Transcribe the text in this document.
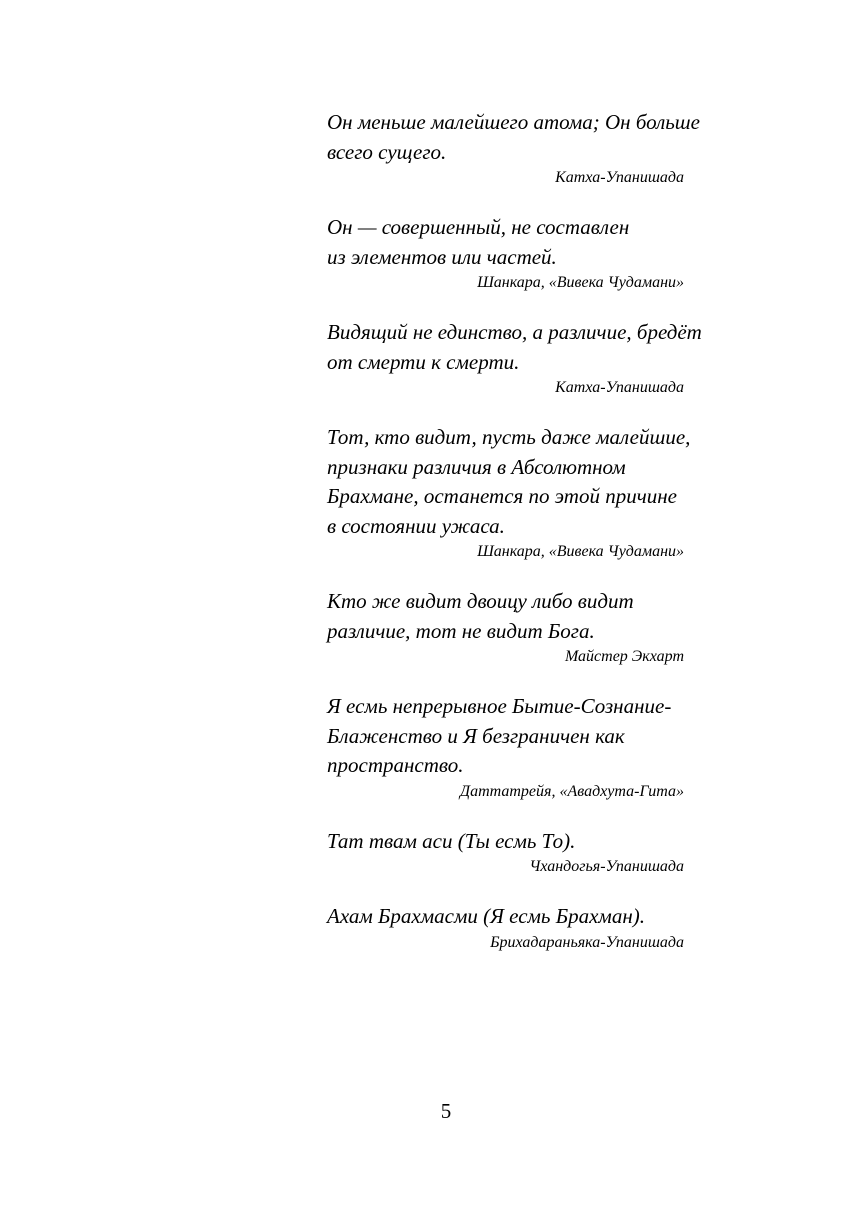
Он меньше малейшего атома; Он больше
всего сущего.
Катха-Упанишада
Он — совершенный, не составлен
из элементов или частей.
Шанкара, «Вивека Чудамани»
Видящий не единство, а различие, бредёт
от смерти к смерти.
Катха-Упанишада
Тот, кто видит, пусть даже малейшие,
признаки различия в Абсолютном
Брахмане, останется по этой причине
в состоянии ужаса.
Шанкара, «Вивека Чудамани»
Кто же видит двоицу либо видит
различие, тот не видит Бога.
Майстер Экхарт
Я есмь непрерывное Бытие-Сознание-
Блаженство и Я безграничен как
пространство.
Даттатрейя, «Авадхута-Гита»
Тат твам аси (Ты есмь То).
Чхандогья-Упанишада
Ахам Брахмасми (Я есмь Брахман).
Брихадараньяка-Упанишада
5
